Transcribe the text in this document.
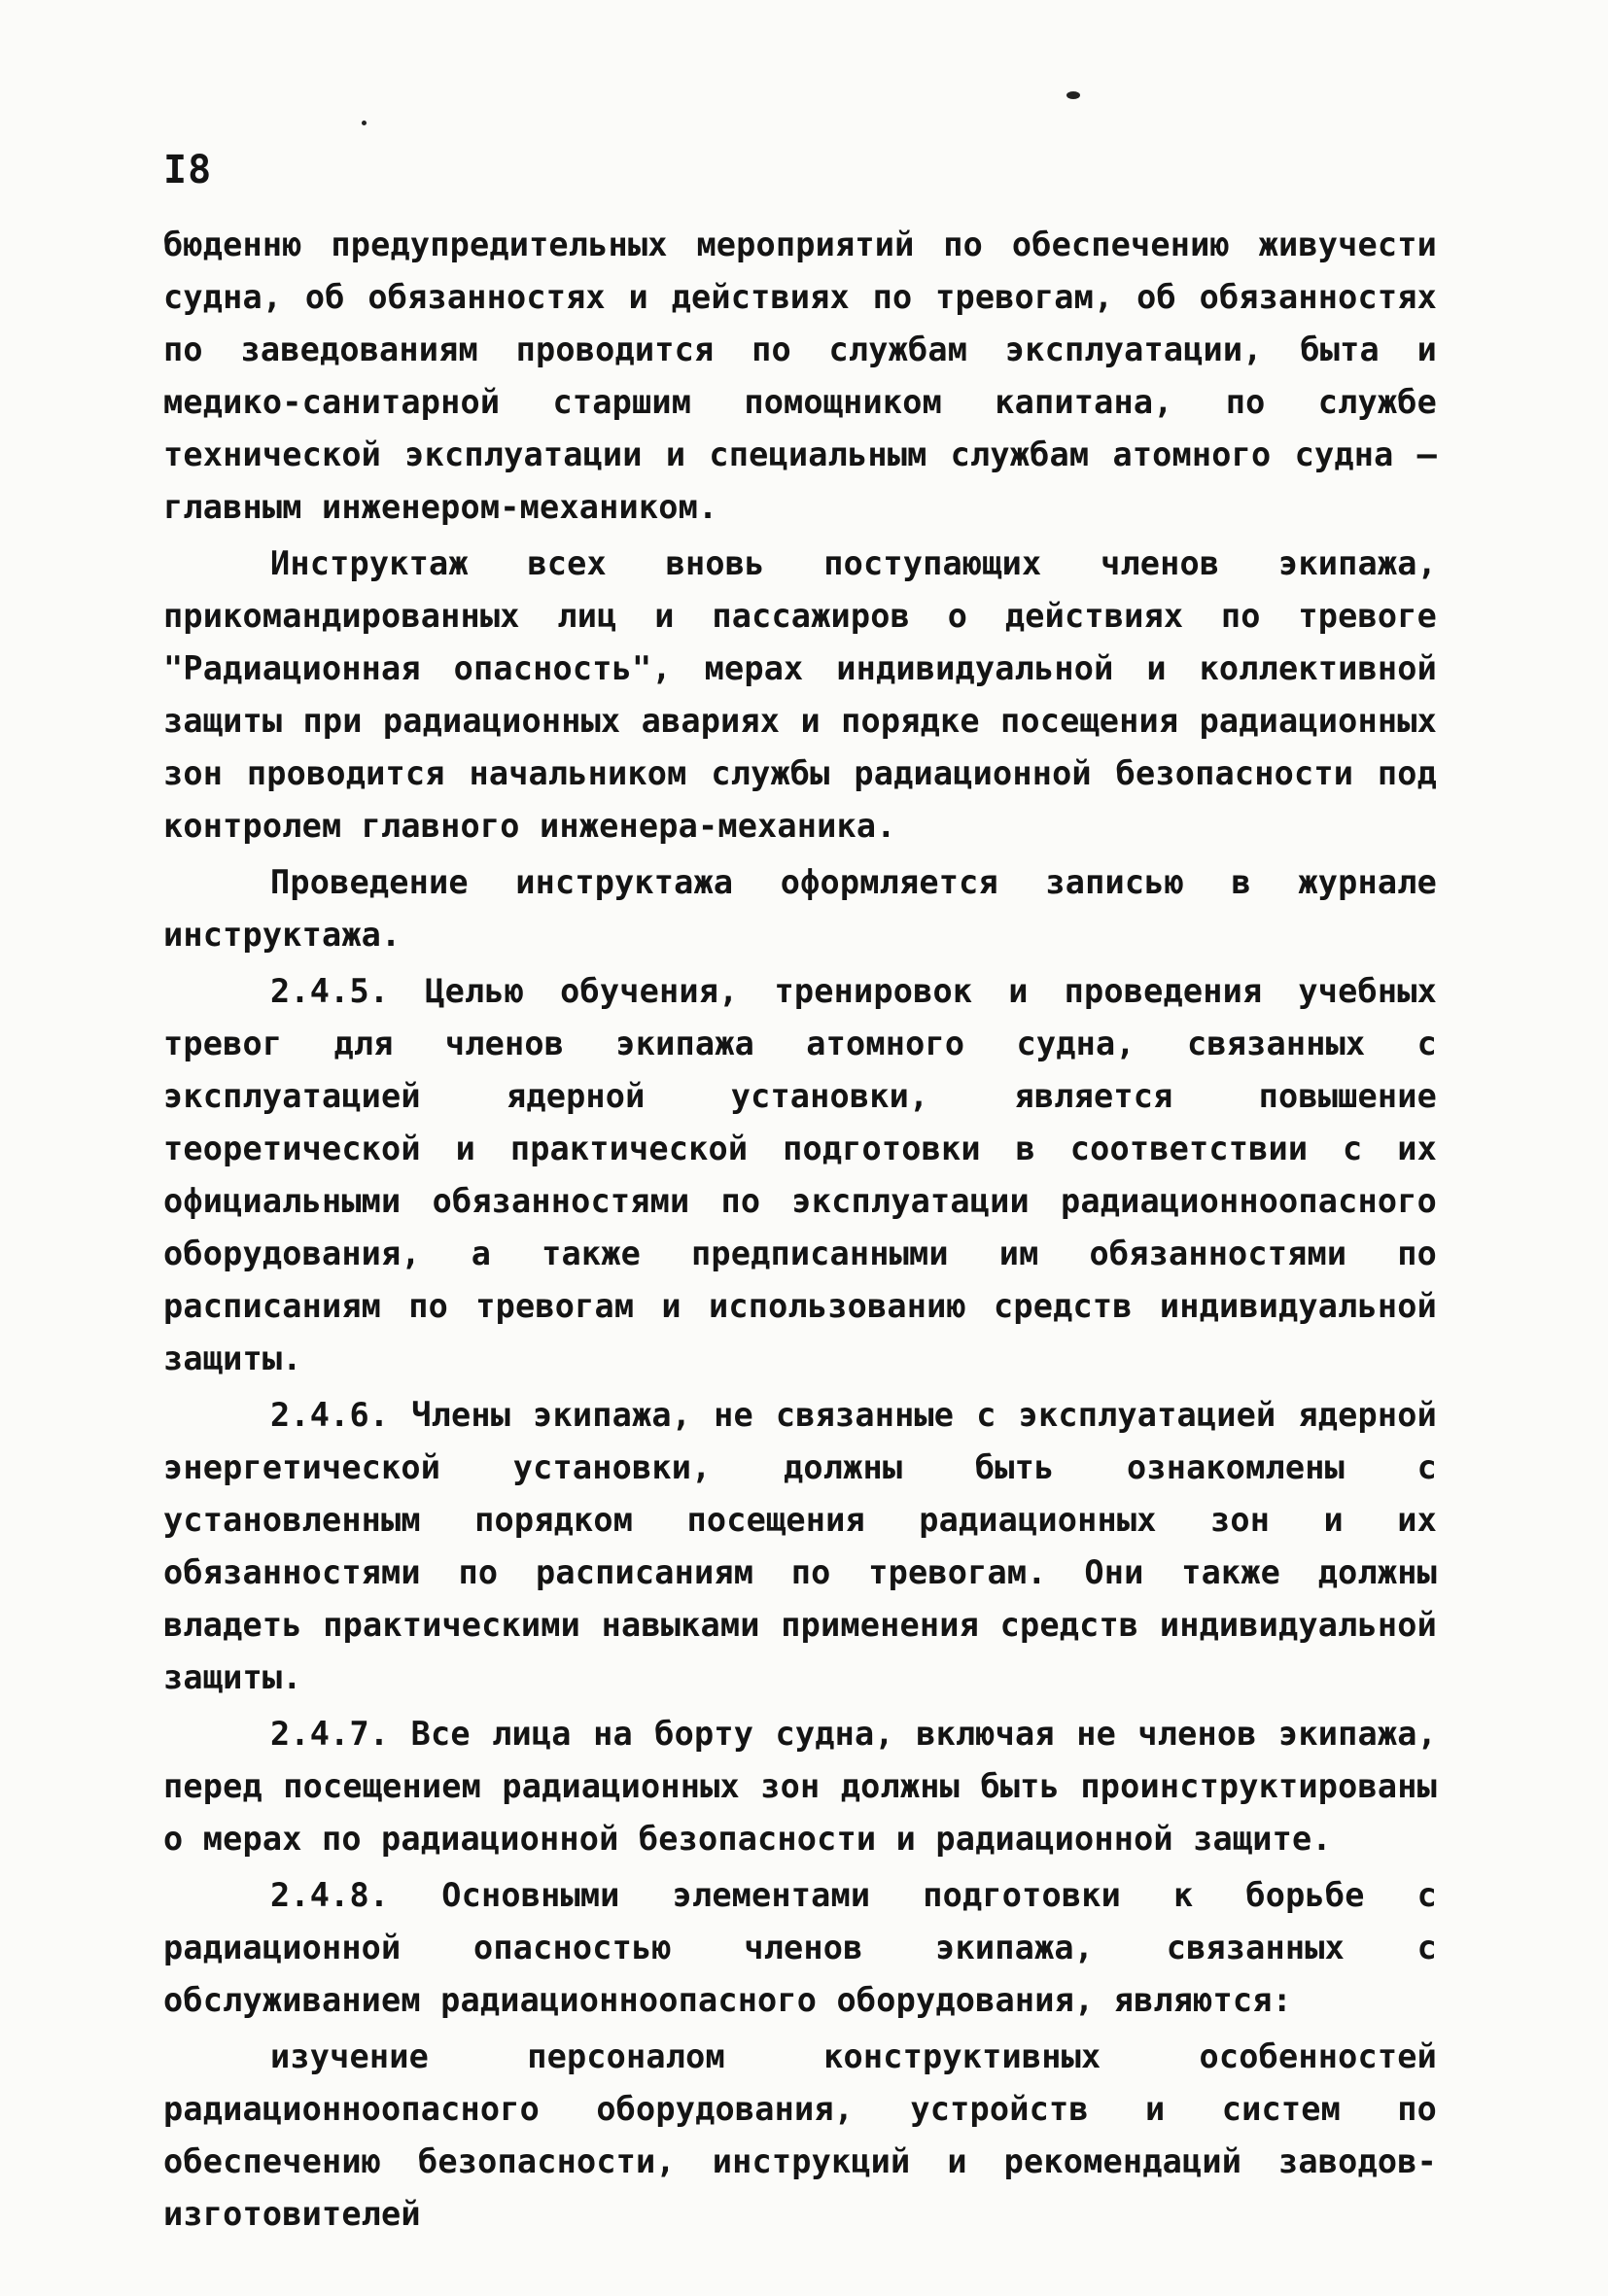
I8

бюденню предупредительных мероприятий по обеспечению живучести судна, об обязанностях и действиях по тревогам, об обязанностях по заведованиям проводится по службам эксплуатации, быта и медико-санитарной старшим помощником капитана, по службе технической эксплуатации и специальным службам атомного судна – главным инженером-механиком.

Инструктаж всех вновь поступающих членов экипажа, прикомандированных лиц и пассажиров о действиях по тревоге "Радиационная опасность", мерах индивидуальной и коллективной защиты при радиационных авариях и порядке посещения радиационных зон проводится начальником службы радиационной безопасности под контролем главного инженера-механика.

Проведение инструктажа оформляется записью в журнале инструктажа.

2.4.5. Целью обучения, тренировок и проведения учебных тревог для членов экипажа атомного судна, связанных с эксплуатацией ядерной установки, является повышение теоретической и практической подготовки в соответствии с их официальными обязанностями по эксплуатации радиационноопасного оборудования, а также предписанными им обязанностями по расписаниям по тревогам и использованию средств индивидуальной защиты.

2.4.6. Члены экипажа, не связанные с эксплуатацией ядерной энергетической установки, должны быть ознакомлены с установленным порядком посещения радиационных зон и их обязанностями по расписаниям по тревогам. Они также должны владеть практическими навыками применения средств индивидуальной защиты.

2.4.7. Все лица на борту судна, включая не членов экипажа, перед посещением радиационных зон должны быть проинструктированы о мерах по радиационной безопасности и радиационной защите.

2.4.8. Основными элементами подготовки к борьбе с радиационной опасностью членов экипажа, связанных с обслуживанием радиационноопасного оборудования, являются:

изучение персоналом конструктивных особенностей радиационноопасного оборудования, устройств и систем по обеспечению безопасности, инструкций и рекомендаций заводов-изготовителей
